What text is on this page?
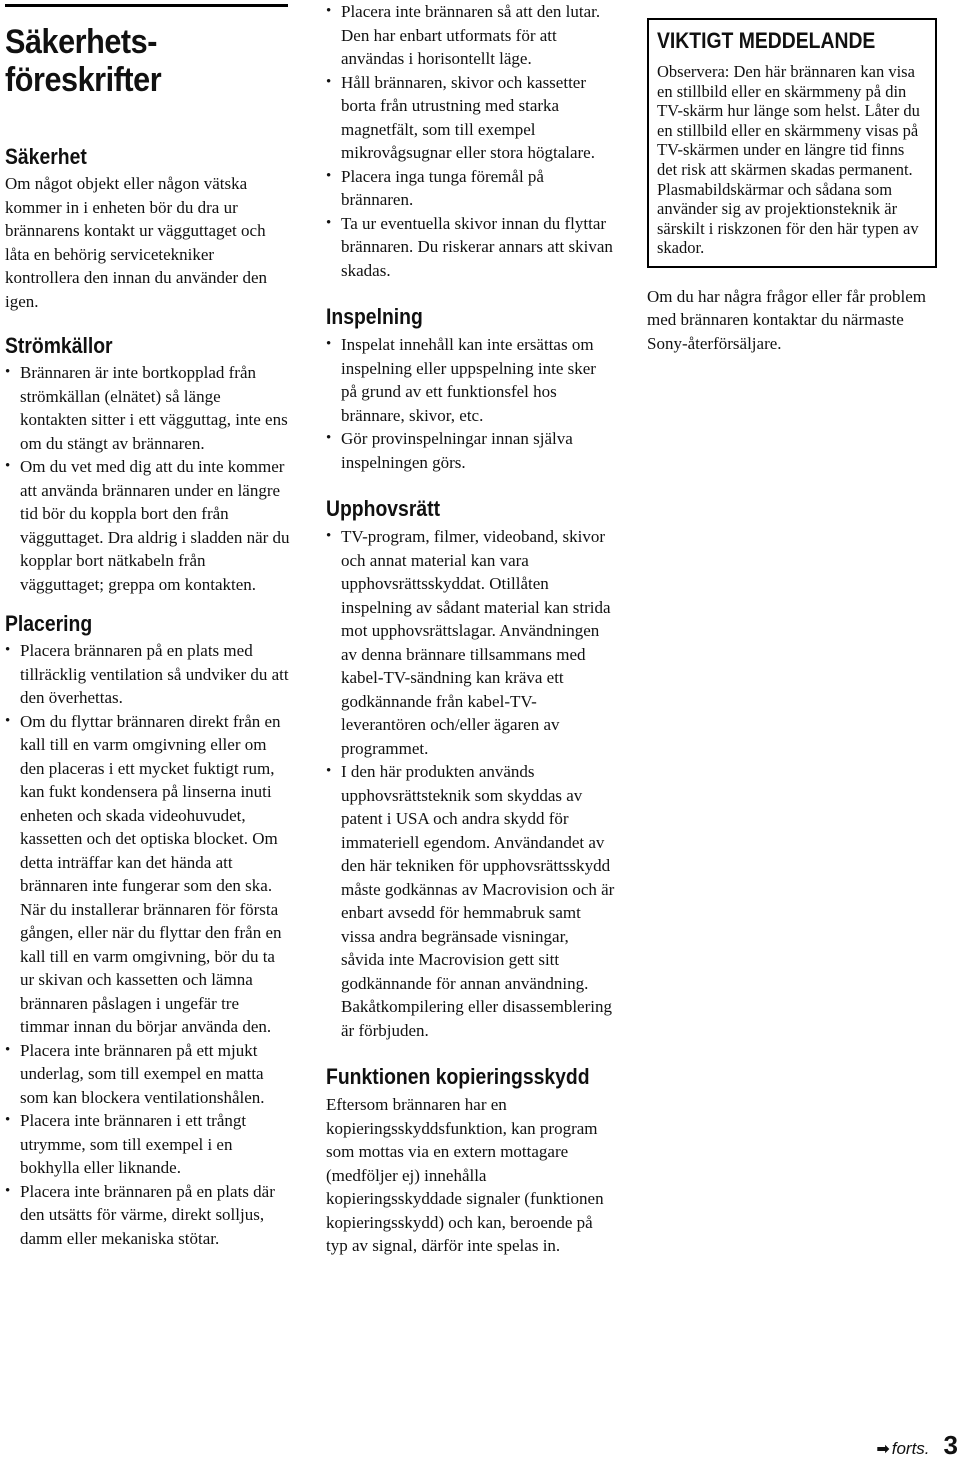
Säkerhets-
föreskrifter
Säkerhet

Om något objekt eller någon vätska kommer in i enheten bör du dra ur brännarens kontakt ur vägguttaget och låta en behörig servicetekniker kontrollera den innan du använder den igen.

Strömkällor
• Brännaren är inte bortkopplad från strömkällan (elnätet) så länge kontakten sitter i ett vägguttag, inte ens om du stängt av brännaren.
• Om du vet med dig att du inte kommer att använda brännaren under en längre tid bör du koppla bort den från vägguttaget. Dra aldrig i sladden när du kopplar bort nätkabeln från vägguttaget; greppa om kontakten.
Placering
• Placera brännaren på en plats med tillräcklig ventilation så undviker du att den överhettas.
• Om du flyttar brännaren direkt från en kall till en varm omgivning eller om den placeras i ett mycket fuktigt rum, kan fukt kondensera på linserna inuti enheten och skada videohuvudet, kassetten och det optiska blocket. Om detta inträffar kan det hända att brännaren inte fungerar som den ska. När du installerar brännaren för första gången, eller när du flyttar den från en kall till en varm omgivning, bör du ta ur skivan och kassetten och lämna brännaren påslagen i ungefär tre timmar innan du börjar använda den.
• Placera inte brännaren på ett mjukt underlag, som till exempel en matta som kan blockera ventilationshålen.
• Placera inte brännaren i ett trångt utrymme, som till exempel i en bokhylla eller liknande.
• Placera inte brännaren på en plats där den utsätts för värme, direkt solljus, damm eller mekaniska stötar.
• Placera inte brännaren så att den lutar. Den har enbart utformats för att användas i horisontellt läge.
• Håll brännaren, skivor och kassetter borta från utrustning med starka magnetfält, som till exempel mikrovågsugnar eller stora högtalare.
• Placera inga tunga föremål på brännaren.
• Ta ur eventuella skivor innan du flyttar brännaren. Du riskerar annars att skivan skadas.
Inspelning
• Inspelat innehåll kan inte ersättas om inspelning eller uppspelning inte sker på grund av ett funktionsfel hos brännare, skivor, etc.
• Gör provinspelningar innan själva inspelningen görs.
Upphovsrätt
• TV-program, filmer, videoband, skivor och annat material kan vara upphovsrättsskyddat. Otillåten inspelning av sådant material kan strida mot upphovsrättslagar. Användningen av denna brännare tillsammans med kabel-TV-sändning kan kräva ett godkännande från kabel-TV-leverantören och/eller ägaren av programmet.
• I den här produkten används upphovsrättsteknik som skyddas av patent i USA och andra skydd för immateriell egendom. Användandet av den här tekniken för upphovsrättsskydd måste godkännas av Macrovision och är enbart avsedd för hemmabruk samt vissa andra begränsade visningar, såvida inte Macrovision gett sitt godkännande för annan användning. Bakåtkompilering eller disassemblering är förbjuden.
Funktionen kopieringsskydd

Eftersom brännaren har en kopieringsskyddsfunktion, kan program som mottas via en extern mottagare (medföljer ej) innehålla kopieringsskyddade signaler (funktionen kopieringsskydd) och kan, beroende på typ av signal, därför inte spelas in.

VIKTIGT MEDDELANDE

Observera: Den här brännaren kan visa en stillbild eller en skärmmeny på din TV-skärm hur länge som helst. Låter du en stillbild eller en skärmmeny visas på TV-skärmen under en längre tid finns det risk att skärmen skadas permanent. Plasmabildskärmar och sådana som använder sig av projektionsteknik är särskilt i riskzonen för den här typen av skador.

Om du har några frågor eller får problem med brännaren kontaktar du närmaste Sony-återförsäljare.

➡ forts. 3
